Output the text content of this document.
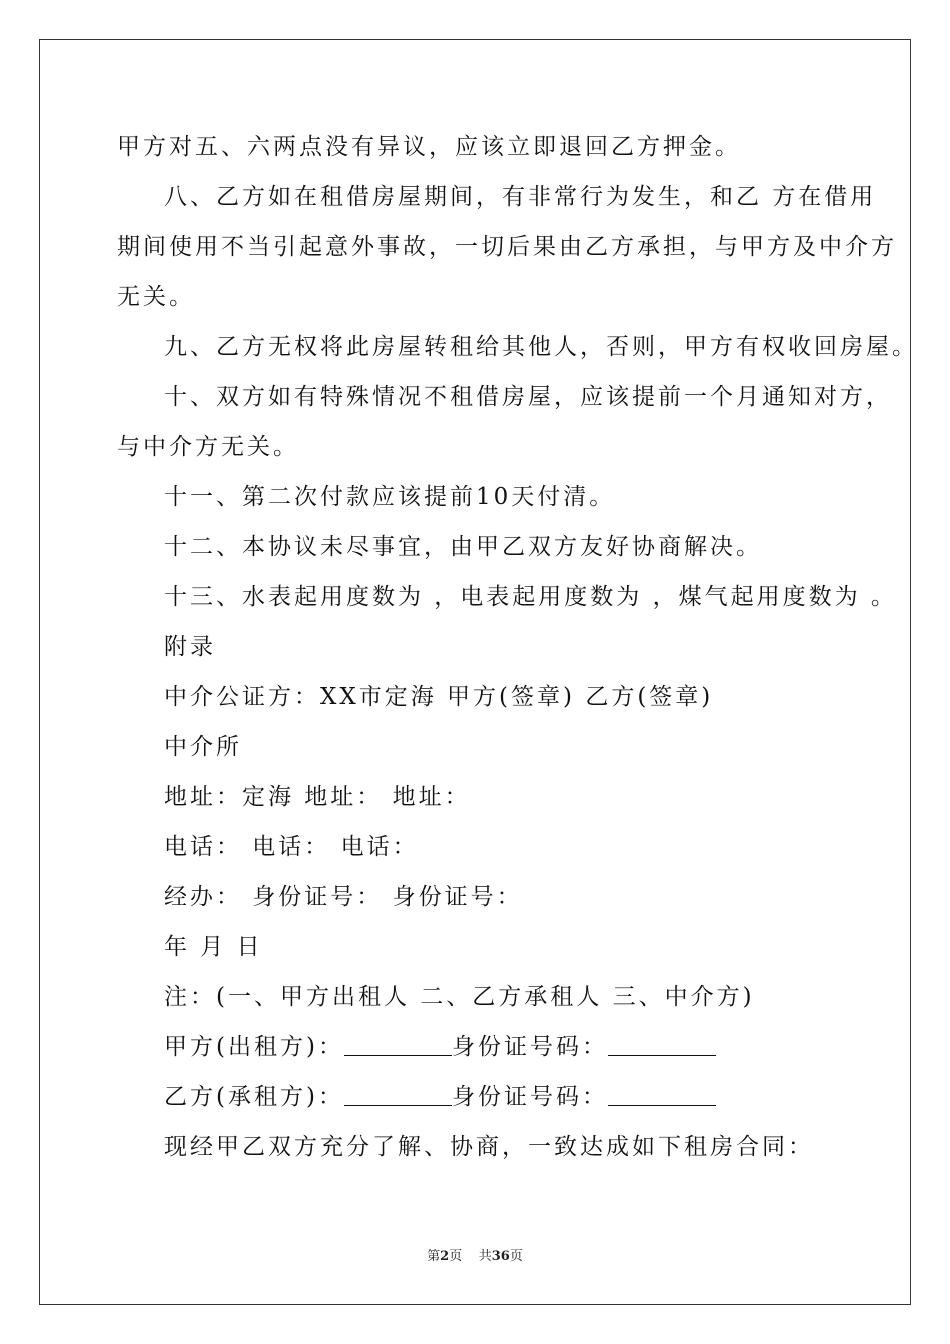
甲方对五、六两点没有异议，应该立即退回乙方押金。
八、乙方如在租借房屋期间，有非常行为发生，和乙 方在借用
期间使用不当引起意外事故，一切后果由乙方承担，与甲方及中介方
无关。
九、乙方无权将此房屋转租给其他人，否则，甲方有权收回房屋。
十、双方如有特殊情况不租借房屋，应该提前一个月通知对方，
与中介方无关。
十一、第二次付款应该提前10天付清。
十二、本协议未尽事宜，由甲乙双方友好协商解决。
十三、水表起用度数为 ，电表起用度数为 ，煤气起用度数为 。
附录
中介公证方：XX市定海 甲方(签章) 乙方(签章)
中介所
地址：定海 地址： 地址：
电话： 电话： 电话：
经办： 身份证号： 身份证号：
年 月 日
注：(一、甲方出租人 二、乙方承租人 三、中介方)
甲方(出租方)：	身份证号码：
乙方(承租方)：	身份证号码：
现经甲乙双方充分了解、协商，一致达成如下租房合同：
第2页 共36页
